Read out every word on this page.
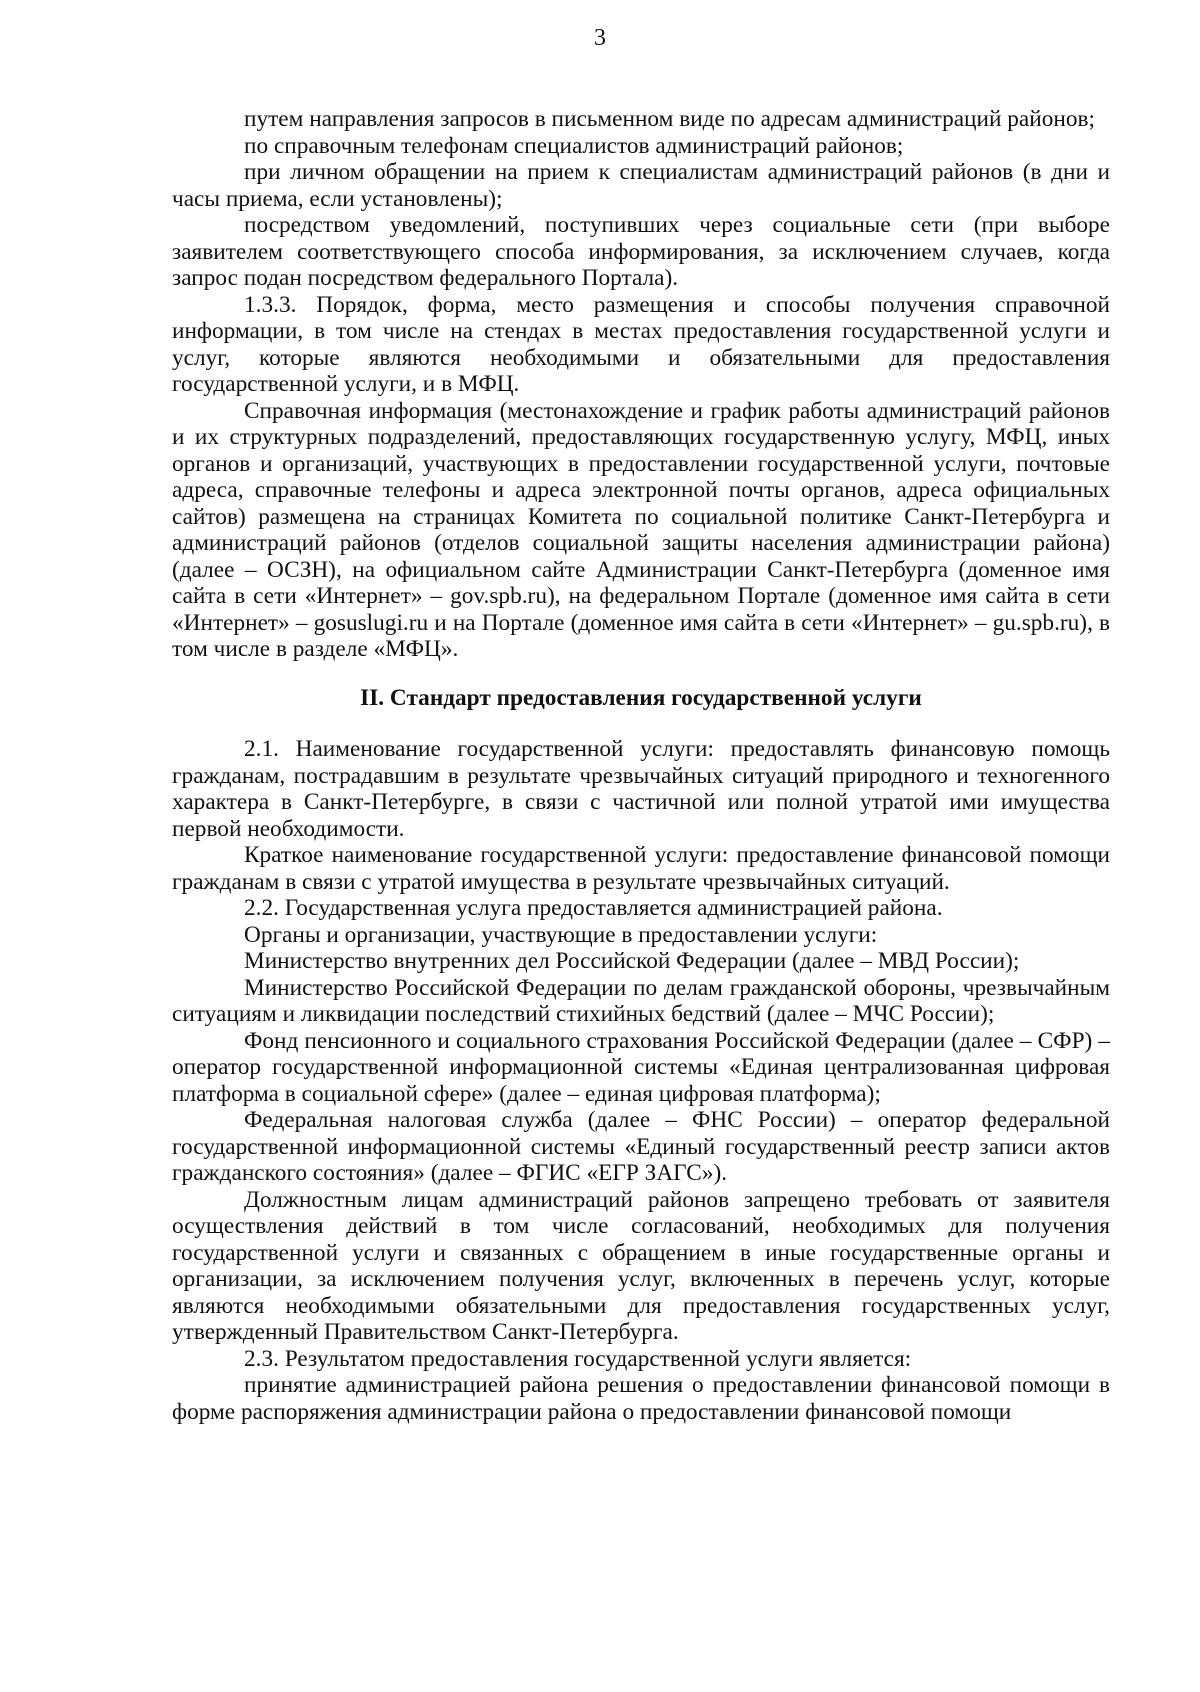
3

путем направления запросов в письменном виде по адресам администраций районов;

по справочным телефонам специалистов администраций районов;

при личном обращении на прием к специалистам администраций районов (в дни и часы приема, если установлены);

посредством уведомлений, поступивших через социальные сети (при выборе заявителем соответствующего способа информирования, за исключением случаев, когда запрос подан посредством федерального Портала).

1.3.3. Порядок, форма, место размещения и способы получения справочной информации, в том числе на стендах в местах предоставления государственной услуги и услуг, которые являются необходимыми и обязательными для предоставления государственной услуги, и в МФЦ.

Справочная информация (местонахождение и график работы администраций районов и их структурных подразделений, предоставляющих государственную услугу, МФЦ, иных органов и организаций, участвующих в предоставлении государственной услуги, почтовые адреса, справочные телефоны и адреса электронной почты органов, адреса официальных сайтов) размещена на страницах Комитета по социальной политике Санкт-Петербурга и администраций районов (отделов социальной защиты населения администрации района) (далее – ОСЗН), на официальном сайте Администрации Санкт-Петербурга (доменное имя сайта в сети «Интернет» – gov.spb.ru), на федеральном Портале (доменное имя сайта в сети «Интернет» – gosuslugi.ru и на Портале (доменное имя сайта в сети «Интернет» – gu.spb.ru), в том числе в разделе «МФЦ».

II. Стандарт предоставления государственной услуги

2.1. Наименование государственной услуги: предоставлять финансовую помощь гражданам, пострадавшим в результате чрезвычайных ситуаций природного и техногенного характера в Санкт-Петербурге, в связи с частичной или полной утратой ими имущества первой необходимости.

Краткое наименование государственной услуги: предоставление финансовой помощи гражданам в связи с утратой имущества в результате чрезвычайных ситуаций.

2.2. Государственная услуга предоставляется администрацией района.

Органы и организации, участвующие в предоставлении услуги:

Министерство внутренних дел Российской Федерации (далее – МВД России);

Министерство Российской Федерации по делам гражданской обороны, чрезвычайным ситуациям и ликвидации последствий стихийных бедствий (далее – МЧС России);

Фонд пенсионного и социального страхования Российской Федерации (далее – СФР) – оператор государственной информационной системы «Единая централизованная цифровая платформа в социальной сфере» (далее – единая цифровая платформа);

Федеральная налоговая служба (далее – ФНС России) – оператор федеральной государственной информационной системы «Единый государственный реестр записи актов гражданского состояния» (далее – ФГИС «ЕГР ЗАГС»).

Должностным лицам администраций районов запрещено требовать от заявителя осуществления действий в том числе согласований, необходимых для получения государственной услуги и связанных с обращением в иные государственные органы и организации, за исключением получения услуг, включенных в перечень услуг, которые являются необходимыми обязательными для предоставления государственных услуг, утвержденный Правительством Санкт-Петербурга.

2.3. Результатом предоставления государственной услуги является:

принятие администрацией района решения о предоставлении финансовой помощи в форме распоряжения администрации района о предоставлении финансовой помощи
